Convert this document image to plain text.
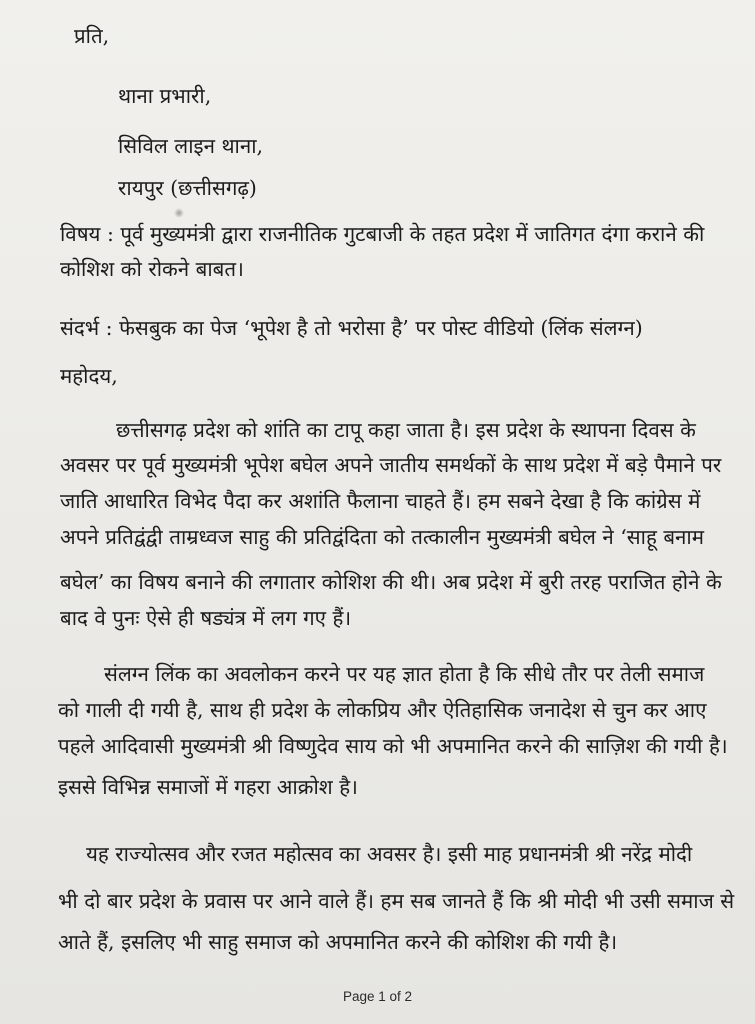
प्रति,
थाना प्रभारी,
सिविल लाइन थाना,
रायपुर (छत्तीसगढ़)
विषय : पूर्व मुख्यमंत्री द्वारा राजनीतिक गुटबाजी के तहत प्रदेश में जातिगत दंगा कराने की
कोशिश को रोकने बाबत।
संदर्भ : फेसबुक का पेज ‘भूपेश है तो भरोसा है’ पर पोस्ट वीडियो (लिंक संलग्न)
महोदय,
छत्तीसगढ़ प्रदेश को शांति का टापू कहा जाता है। इस प्रदेश के स्थापना दिवस के
अवसर पर पूर्व मुख्यमंत्री भूपेश बघेल अपने जातीय समर्थकों के साथ प्रदेश में बड़े पैमाने पर
जाति आधारित विभेद पैदा कर अशांति फैलाना चाहते हैं। हम सबने देखा है कि कांग्रेस में
अपने प्रतिद्वंद्वी ताम्रध्वज साहु की प्रतिद्वंदिता को तत्कालीन मुख्यमंत्री बघेल ने ‘साहू बनाम
बघेल’ का विषय बनाने की लगातार कोशिश की थी। अब प्रदेश में बुरी तरह पराजित होने के
बाद वे पुनः ऐसे ही षड्यंत्र में लग गए हैं।
संलग्न लिंक का अवलोकन करने पर यह ज्ञात होता है कि सीधे तौर पर तेली समाज
को गाली दी गयी है, साथ ही प्रदेश के लोकप्रिय और ऐतिहासिक जनादेश से चुन कर आए
पहले आदिवासी मुख्यमंत्री श्री विष्णुदेव साय को भी अपमानित करने की साज़िश की गयी है।
इससे विभिन्न समाजों में गहरा आक्रोश है।
यह राज्योत्सव और रजत महोत्सव का अवसर है। इसी माह प्रधानमंत्री श्री नरेंद्र मोदी
भी दो बार प्रदेश के प्रवास पर आने वाले हैं। हम सब जानते हैं कि श्री मोदी भी उसी समाज से
आते हैं, इसलिए भी साहु समाज को अपमानित करने की कोशिश की गयी है।
Page 1 of 2
